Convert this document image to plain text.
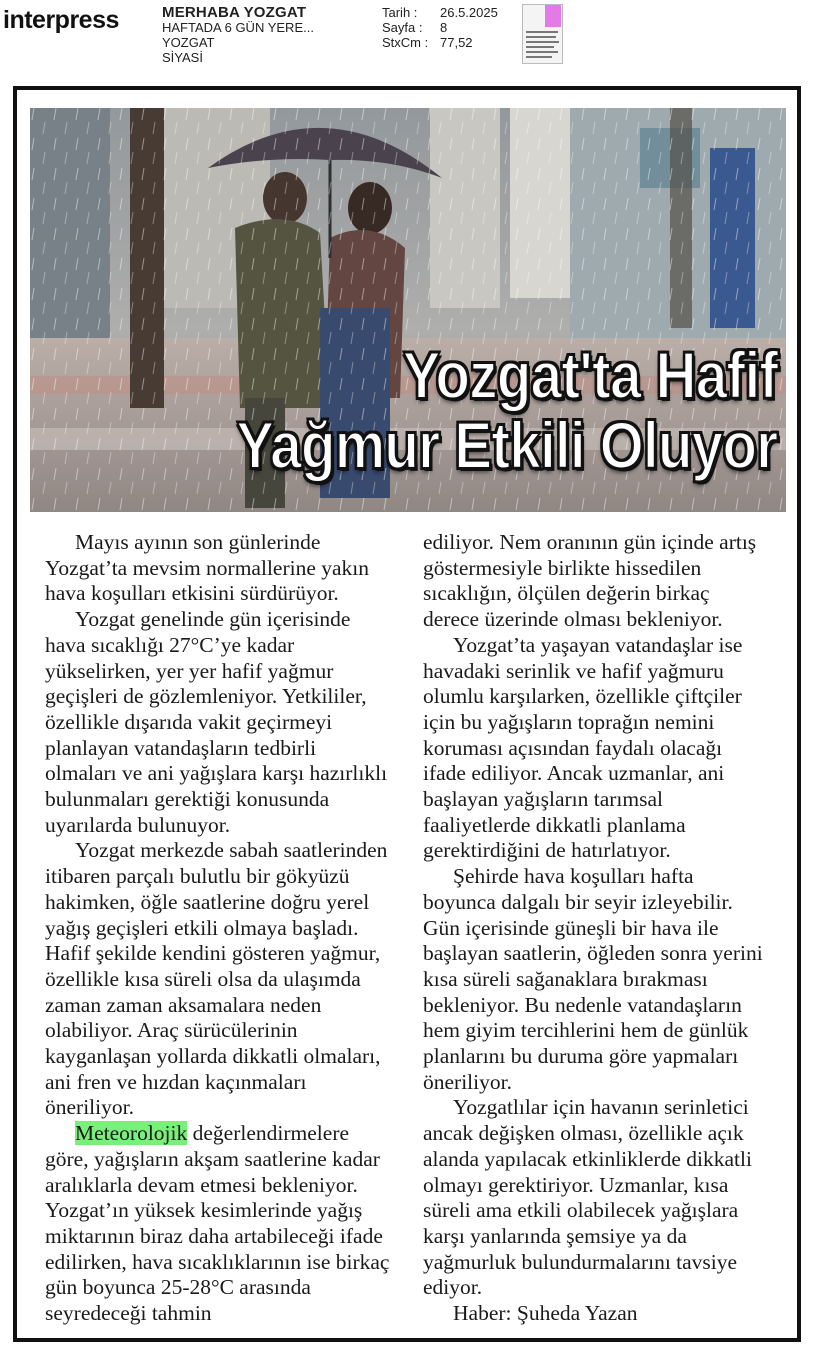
interpress	MERHABA YOZGAT
HAFTADA 6 GÜN YERE...
YOZGAT
SİYASİ
Tarih : 26.5.2025
Sayfa : 8
StxCm : 77,52
Yozgat'ta Hafif
Yağmur Etkili Oluyor

Mayıs ayının son günlerinde Yozgat’ta mevsim normallerine yakın hava koşulları etkisini sürdürüyor.

Yozgat genelinde gün içerisinde hava sıcaklığı 27°C’ye kadar yükselirken, yer yer hafif yağmur geçişleri de gözlemleniyor. Yetkililer, özellikle dışarıda vakit geçirmeyi planlayan vatandaşların tedbirli olmaları ve ani yağışlara karşı hazırlıklı bulunmaları gerektiği konusunda uyarılarda bulunuyor.

Yozgat merkezde sabah saatlerinden itibaren parçalı bulutlu bir gökyüzü hakimken, öğle saatlerine doğru yerel yağış geçişleri etkili olmaya başladı. Hafif şekilde kendini gösteren yağmur, özellikle kısa süreli olsa da ulaşımda zaman zaman aksamalara neden olabiliyor. Araç sürücülerinin kayganlaşan yollarda dikkatli olmaları, ani fren ve hızdan kaçınmaları öneriliyor.

Meteorolojik değerlendirmelere göre, yağışların akşam saatlerine kadar aralıklarla devam etmesi bekleniyor. Yozgat’ın yüksek kesimlerinde yağış miktarının biraz daha artabileceği ifade edilirken, hava sıcaklıklarının ise birkaç gün boyunca 25-28°C arasında seyredeceği tahmin

ediliyor. Nem oranının gün içinde artış göstermesiyle birlikte hissedilen sıcaklığın, ölçülen değerin birkaç derece üzerinde olması bekleniyor.

Yozgat’ta yaşayan vatandaşlar ise havadaki serinlik ve hafif yağmuru olumlu karşılarken, özellikle çiftçiler için bu yağışların toprağın nemini koruması açısından faydalı olacağı ifade ediliyor. Ancak uzmanlar, ani başlayan yağışların tarımsal faaliyetlerde dikkatli planlama gerektirdiğini de hatırlatıyor.

Şehirde hava koşulları hafta boyunca dalgalı bir seyir izleyebilir. Gün içerisinde güneşli bir hava ile başlayan saatlerin, öğleden sonra yerini kısa süreli sağanaklara bırakması bekleniyor. Bu nedenle vatandaşların hem giyim tercihlerini hem de günlük planlarını bu duruma göre yapmaları öneriliyor.

Yozgatlılar için havanın serinletici ancak değişken olması, özellikle açık alanda yapılacak etkinliklerde dikkatli olmayı gerektiriyor. Uzmanlar, kısa süreli ama etkili olabilecek yağışlara karşı yanlarında şemsiye ya da yağmurluk bulundurmalarını tavsiye ediyor.

Haber: Şuheda Yazan
